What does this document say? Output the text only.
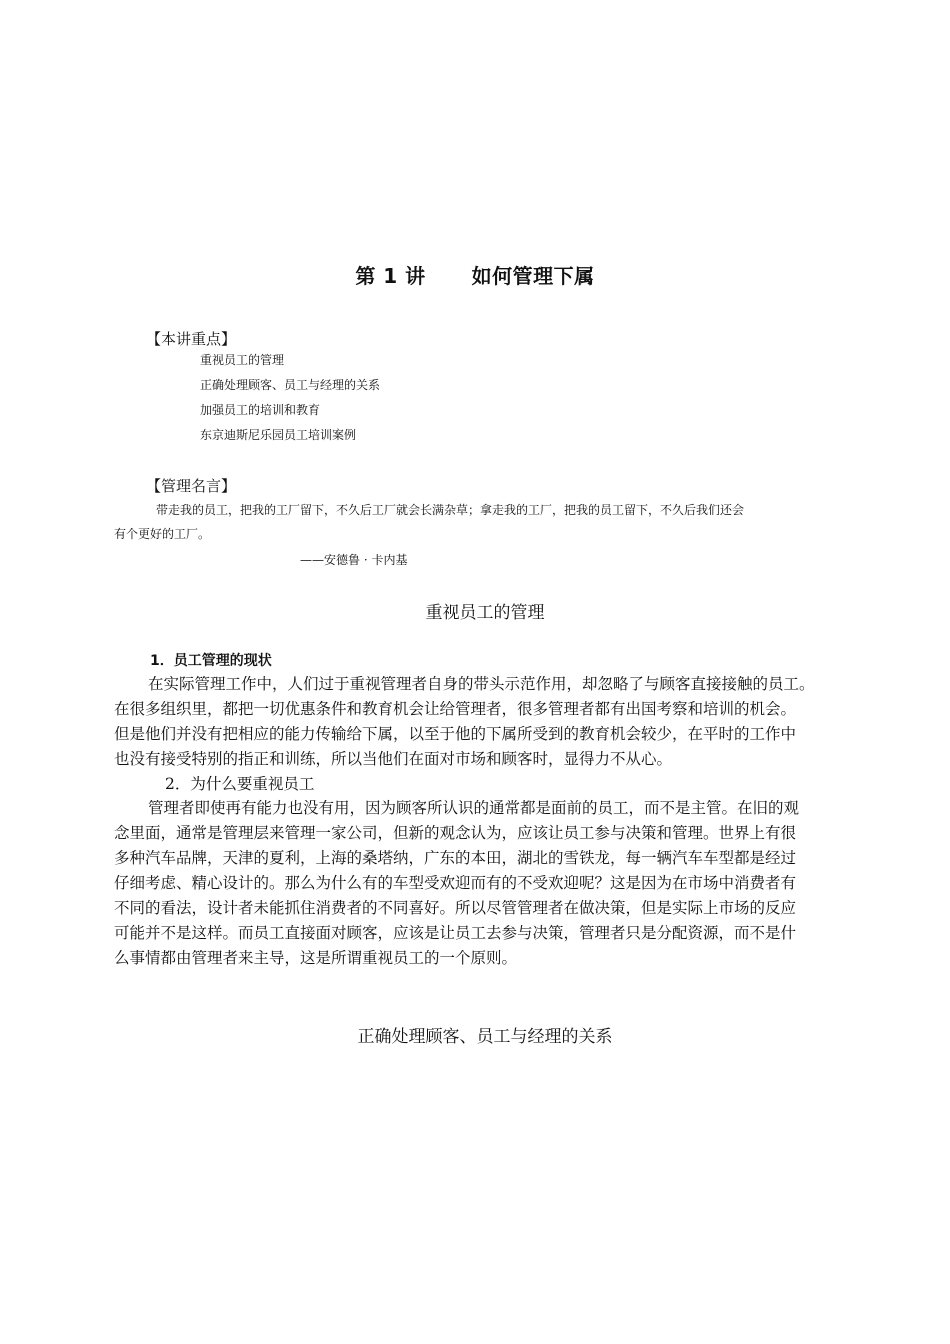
第 1 讲 如何管理下属
【本讲重点】
重视员工的管理
正确处理顾客、员工与经理的关系
加强员工的培训和教育
东京迪斯尼乐园员工培训案例
【管理名言】
带走我的员工，把我的工厂留下，不久后工厂就会长满杂草；拿走我的工厂，把我的员工留下，不久后我们还会
有个更好的工厂。
——安德鲁 · 卡内基
重视员工的管理
1．员工管理的现状
在实际管理工作中，人们过于重视管理者自身的带头示范作用，却忽略了与顾客直接接触的员工。
在很多组织里，都把一切优惠条件和教育机会让给管理者，很多管理者都有出国考察和培训的机会。
但是他们并没有把相应的能力传输给下属，以至于他的下属所受到的教育机会较少，在平时的工作中
也没有接受特别的指正和训练，所以当他们在面对市场和顾客时，显得力不从心。
2．为什么要重视员工
管理者即使再有能力也没有用，因为顾客所认识的通常都是面前的员工，而不是主管。在旧的观
念里面，通常是管理层来管理一家公司，但新的观念认为，应该让员工参与决策和管理。世界上有很
多种汽车品牌，天津的夏利，上海的桑塔纳，广东的本田，湖北的雪铁龙，每一辆汽车车型都是经过
仔细考虑、精心设计的。那么为什么有的车型受欢迎而有的不受欢迎呢？这是因为在市场中消费者有
不同的看法，设计者未能抓住消费者的不同喜好。所以尽管管理者在做决策，但是实际上市场的反应
可能并不是这样。而员工直接面对顾客，应该是让员工去参与决策，管理者只是分配资源，而不是什
么事情都由管理者来主导，这是所谓重视员工的一个原则。
正确处理顾客、员工与经理的关系
